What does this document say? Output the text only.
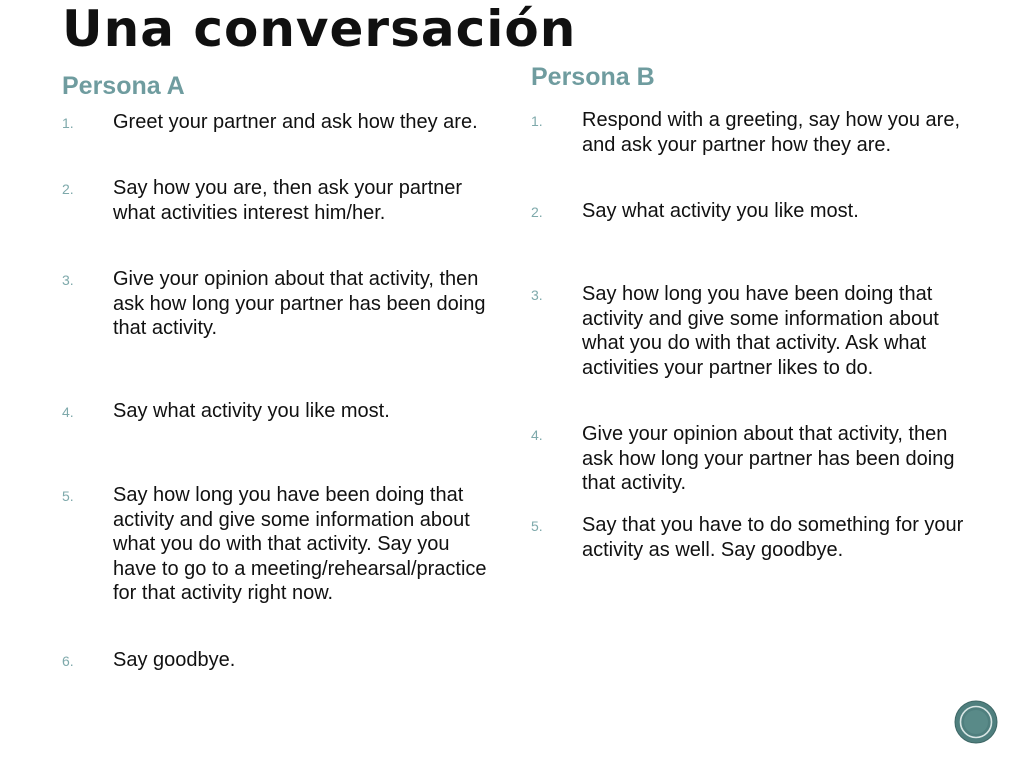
Una conversación
Persona A
1. Greet your partner and ask how they are.
2. Say how you are, then ask your partner what activities interest him/her.
3. Give your opinion about that activity, then ask how long your partner has been doing that activity.
4. Say what activity you like most.
5. Say how long you have been doing that activity and give some information about what you do with that activity. Say you have to go to a meeting/rehearsal/practice for that activity right now.
6. Say goodbye.
Persona B
1. Respond with a greeting, say how you are, and ask your partner how they are.
2. Say what activity you like most.
3. Say how long you have been doing that activity and give some information about what you do with that activity. Ask what activities your partner likes to do.
4. Give your opinion about that activity, then ask how long your partner has been doing that activity.
5. Say that you have to do something for your activity as well. Say goodbye.
